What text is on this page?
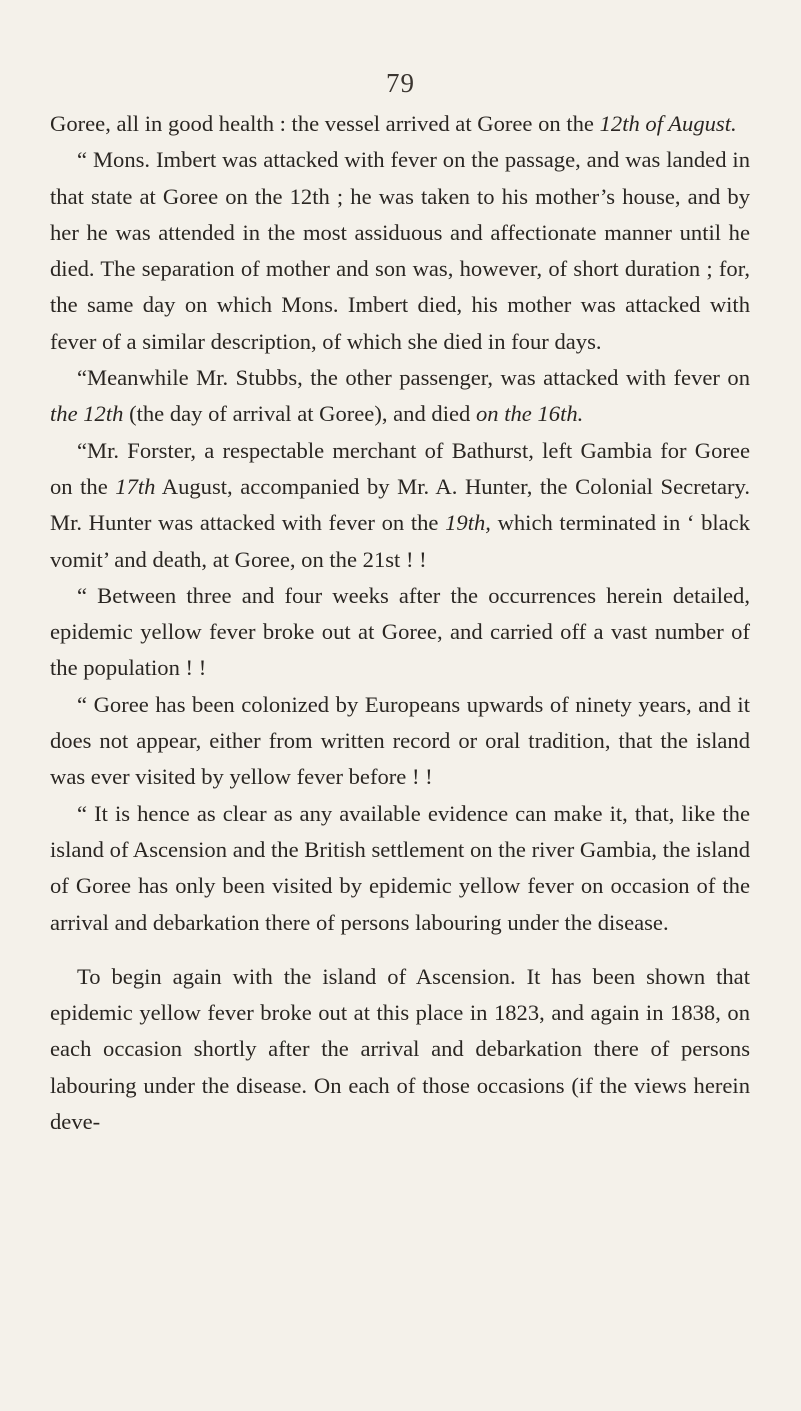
79

Goree, all in good health : the vessel arrived at Goree on the 12th of August.

“ Mons. Imbert was attacked with fever on the passage, and was landed in that state at Goree on the 12th ; he was taken to his mother’s house, and by her he was attended in the most assiduous and affectionate manner until he died. The separation of mother and son was, however, of short duration ; for, the same day on which Mons. Imbert died, his mother was attacked with fever of a similar description, of which she died in four days.

“Meanwhile Mr. Stubbs, the other passenger, was attacked with fever on the 12th (the day of arrival at Goree), and died on the 16th.

“Mr. Forster, a respectable merchant of Bathurst, left Gambia for Goree on the 17th August, accompanied by Mr. A. Hunter, the Colonial Secretary. Mr. Hunter was attacked with fever on the 19th, which terminated in ‘ black vomit’ and death, at Goree, on the 21st ! !

“ Between three and four weeks after the occurrences herein detailed, epidemic yellow fever broke out at Goree, and carried off a vast number of the population ! !

“ Goree has been colonized by Europeans upwards of ninety years, and it does not appear, either from written record or oral tradition, that the island was ever visited by yellow fever before ! !

“ It is hence as clear as any available evidence can make it, that, like the island of Ascension and the British settlement on the river Gambia, the island of Goree has only been visited by epidemic yellow fever on occasion of the arrival and debarkation there of persons labouring under the disease.

To begin again with the island of Ascension. It has been shown that epidemic yellow fever broke out at this place in 1823, and again in 1838, on each occasion shortly after the arrival and debarkation there of persons labouring under the disease. On each of those occasions (if the views herein deve-
